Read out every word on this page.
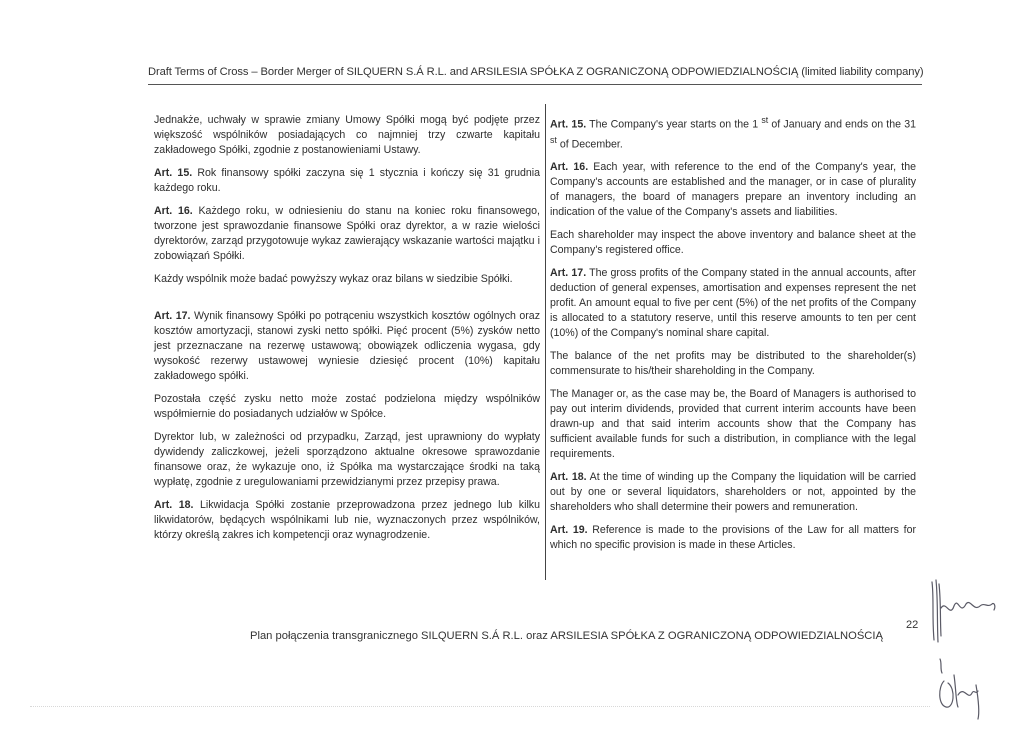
Draft Terms of Cross – Border Merger of SILQUERN S.Á R.L. and ARSILESIA SPÓŁKA Z OGRANICZONĄ ODPOWIEDZIALNOŚCIĄ (limited liability company)

Jednakże, uchwały w sprawie zmiany Umowy Spółki mogą być podjęte przez większość wspólników posiadających co najmniej trzy czwarte kapitału zakładowego Spółki, zgodnie z postanowieniami Ustawy.

Art. 15. Rok finansowy spółki zaczyna się 1 stycznia i kończy się 31 grudnia każdego roku.

Art. 16. Każdego roku, w odniesieniu do stanu na koniec roku finansowego, tworzone jest sprawozdanie finansowe Spółki oraz dyrektor, a w razie wielości dyrektorów, zarząd przygotowuje wykaz zawierający wskazanie wartości majątku i zobowiązań Spółki.

Każdy wspólnik może badać powyższy wykaz oraz bilans w siedzibie Spółki.

Art. 17. Wynik finansowy Spółki po potrąceniu wszystkich kosztów ogólnych oraz kosztów amortyzacji, stanowi zyski netto spółki. Pięć procent (5%) zysków netto jest przeznaczane na rezerwę ustawową; obowiązek odliczenia wygasa, gdy wysokość rezerwy ustawowej wyniesie dziesięć procent (10%) kapitału zakładowego spółki.

Pozostała część zysku netto może zostać podzielona między wspólników współmiernie do posiadanych udziałów w Spółce.

Dyrektor lub, w zależności od przypadku, Zarząd, jest uprawniony do wypłaty dywidendy zaliczkowej, jeżeli sporządzono aktualne okresowe sprawozdanie finansowe oraz, że wykazuje ono, iż Spółka ma wystarczające środki na taką wypłatę, zgodnie z uregulowaniami przewidzianymi przez przepisy prawa.

Art. 18. Likwidacja Spółki zostanie przeprowadzona przez jednego lub kilku likwidatorów, będących wspólnikami lub nie, wyznaczonych przez wspólników, którzy określą zakres ich kompetencji oraz wynagrodzenie.

Art. 15. The Company's year starts on the 1 $^{st}$ of January and ends on the 31 $^{st}$ of December.

Art. 16. Each year, with reference to the end of the Company's year, the Company's accounts are established and the manager, or in case of plurality of managers, the board of managers prepare an inventory including an indication of the value of the Company's assets and liabilities.

Each shareholder may inspect the above inventory and balance sheet at the Company's registered office.

Art. 17. The gross profits of the Company stated in the annual accounts, after deduction of general expenses, amortisation and expenses represent the net profit. An amount equal to five per cent (5%) of the net profits of the Company is allocated to a statutory reserve, until this reserve amounts to ten per cent (10%) of the Company's nominal share capital.

The balance of the net profits may be distributed to the shareholder(s) commensurate to his/their shareholding in the Company.

The Manager or, as the case may be, the Board of Managers is authorised to pay out interim dividends, provided that current interim accounts have been drawn-up and that said interim accounts show that the Company has sufficient available funds for such a distribution, in compliance with the legal requirements.

Art. 18. At the time of winding up the Company the liquidation will be carried out by one or several liquidators, shareholders or not, appointed by the shareholders who shall determine their powers and remuneration.

Art. 19. Reference is made to the provisions of the Law for all matters for which no specific provision is made in these Articles.

Plan połączenia transgranicznego SILQUERN S.Á R.L. oraz ARSILESIA SPÓŁKA Z OGRANICZONĄ ODPOWIEDZIALNOŚCIĄ
22
